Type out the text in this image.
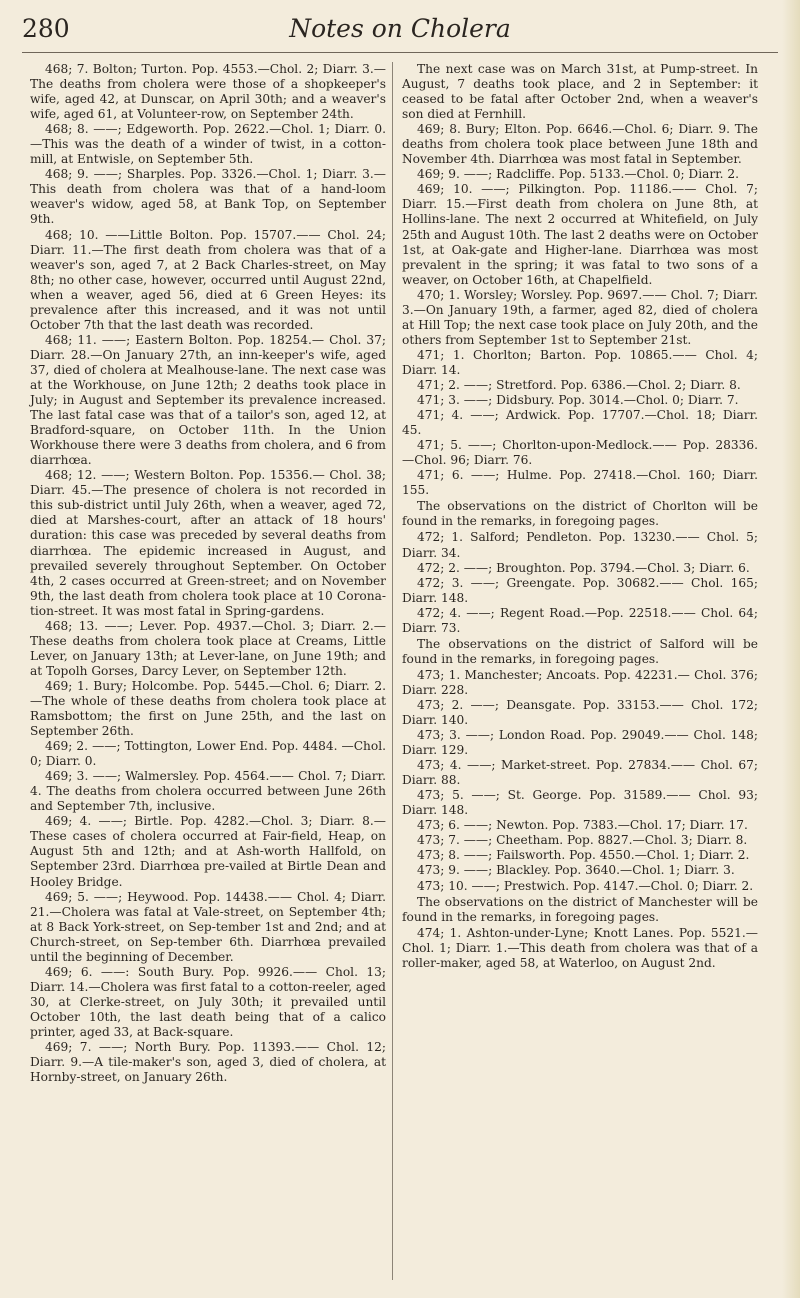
280	Notes on Cholera

468; 7. Bolton; Turton. Pop. 4553.—Chol. 2; Diarr. 3.—The deaths from cholera were those of a shopkeeper's wife, aged 42, at Dunscar, on April 30th; and a weaver's wife, aged 61, at Volunteer-row, on September 24th.

468; 8. ——; Edgeworth. Pop. 2622.—Chol. 1; Diarr. 0.—This was the death of a winder of twist, in a cotton-mill, at Entwisle, on September 5th.

468; 9. ——; Sharples. Pop. 3326.—Chol. 1; Diarr. 3.—This death from cholera was that of a hand-loom weaver's widow, aged 58, at Bank Top, on September 9th.

468; 10. ——Little Bolton. Pop. 15707.—— Chol. 24; Diarr. 11.—The first death from cholera was that of a weaver's son, aged 7, at 2 Back Charles-street, on May 8th; no other case, however, occurred until August 22nd, when a weaver, aged 56, died at 6 Green Heyes: its prevalence after this increased, and it was not until October 7th that the last death was recorded.

468; 11. ——; Eastern Bolton. Pop. 18254.— Chol. 37; Diarr. 28.—On January 27th, an inn-keeper's wife, aged 37, died of cholera at Mealhouse-lane. The next case was at the Workhouse, on June 12th; 2 deaths took place in July; in August and September its prevalence increased. The last fatal case was that of a tailor's son, aged 12, at Bradford-square, on October 11th. In the Union Workhouse there were 3 deaths from cholera, and 6 from diarrhœa.

468; 12. ——; Western Bolton. Pop. 15356.— Chol. 38; Diarr. 45.—The presence of cholera is not recorded in this sub-district until July 26th, when a weaver, aged 72, died at Marshes-court, after an attack of 18 hours' duration: this case was preceded by several deaths from diarrhœa. The epidemic increased in August, and prevailed severely throughout September. On October 4th, 2 cases occurred at Green-street; and on November 9th, the last death from cholera took place at 10 Corona-tion-street. It was most fatal in Spring-gardens.

468; 13. ——; Lever. Pop. 4937.—Chol. 3; Diarr. 2.—These deaths from cholera took place at Creams, Little Lever, on January 13th; at Lever-lane, on June 19th; and at Topolh Gorses, Darcy Lever, on September 12th.

469; 1. Bury; Holcombe. Pop. 5445.—Chol. 6; Diarr. 2.—The whole of these deaths from cholera took place at Ramsbottom; the first on June 25th, and the last on September 26th.

469; 2. ——; Tottington, Lower End. Pop. 4484. —Chol. 0; Diarr. 0.

469; 3. ——; Walmersley. Pop. 4564.—— Chol. 7; Diarr. 4. The deaths from cholera occurred between June 26th and September 7th, inclusive.

469; 4. ——; Birtle. Pop. 4282.—Chol. 3; Diarr. 8.—These cases of cholera occurred at Fair-field, Heap, on August 5th and 12th; and at Ash-worth Hallfold, on September 23rd. Diarrhœa pre-vailed at Birtle Dean and Hooley Bridge.

469; 5. ——; Heywood. Pop. 14438.—— Chol. 4; Diarr. 21.—Cholera was fatal at Vale-street, on September 4th; at 8 Back York-street, on Sep-tember 1st and 2nd; and at Church-street, on Sep-tember 6th. Diarrhœa prevailed until the beginning of December.

469; 6. ——: South Bury. Pop. 9926.—— Chol. 13; Diarr. 14.—Cholera was first fatal to a cotton-reeler, aged 30, at Clerke-street, on July 30th; it prevailed until October 10th, the last death being that of a calico printer, aged 33, at Back-square.

469; 7. ——; North Bury. Pop. 11393.—— Chol. 12; Diarr. 9.—A tile-maker's son, aged 3, died of cholera, at Hornby-street, on January 26th.

The next case was on March 31st, at Pump-street. In August, 7 deaths took place, and 2 in September: it ceased to be fatal after October 2nd, when a weaver's son died at Fernhill.

469; 8. Bury; Elton. Pop. 6646.—Chol. 6; Diarr. 9. The deaths from cholera took place between June 18th and November 4th. Diarrhœa was most fatal in September.

469; 9. ——; Radcliffe. Pop. 5133.—Chol. 0; Diarr. 2.

469; 10. ——; Pilkington. Pop. 11186.—— Chol. 7; Diarr. 15.—First death from cholera on June 8th, at Hollins-lane. The next 2 occurred at Whitefield, on July 25th and August 10th. The last 2 deaths were on October 1st, at Oak-gate and Higher-lane. Diarrhœa was most prevalent in the spring; it was fatal to two sons of a weaver, on October 16th, at Chapelfield.

470; 1. Worsley; Worsley. Pop. 9697.—— Chol. 7; Diarr. 3.—On January 19th, a farmer, aged 82, died of cholera at Hill Top; the next case took place on July 20th, and the others from September 1st to September 21st.

471; 1. Chorlton; Barton. Pop. 10865.—— Chol. 4; Diarr. 14.

471; 2. ——; Stretford. Pop. 6386.—Chol. 2; Diarr. 8.

471; 3. ——; Didsbury. Pop. 3014.—Chol. 0; Diarr. 7.

471; 4. ——; Ardwick. Pop. 17707.—Chol. 18; Diarr. 45.

471; 5. ——; Chorlton-upon-Medlock.—— Pop. 28336.—Chol. 96; Diarr. 76.

471; 6. ——; Hulme. Pop. 27418.—Chol. 160; Diarr. 155.

The observations on the district of Chorlton will be found in the remarks, in foregoing pages.

472; 1. Salford; Pendleton. Pop. 13230.—— Chol. 5; Diarr. 34.

472; 2. ——; Broughton. Pop. 3794.—Chol. 3; Diarr. 6.

472; 3. ——; Greengate. Pop. 30682.—— Chol. 165; Diarr. 148.

472; 4. ——; Regent Road.—Pop. 22518.—— Chol. 64; Diarr. 73.

The observations on the district of Salford will be found in the remarks, in foregoing pages.

473; 1. Manchester; Ancoats. Pop. 42231.— Chol. 376; Diarr. 228.

473; 2. ——; Deansgate. Pop. 33153.—— Chol. 172; Diarr. 140.

473; 3. ——; London Road. Pop. 29049.—— Chol. 148; Diarr. 129.

473; 4. ——; Market-street. Pop. 27834.—— Chol. 67; Diarr. 88.

473; 5. ——; St. George. Pop. 31589.—— Chol. 93; Diarr. 148.

473; 6. ——; Newton. Pop. 7383.—Chol. 17; Diarr. 17.

473; 7. ——; Cheetham. Pop. 8827.—Chol. 3; Diarr. 8.

473; 8. ——; Failsworth. Pop. 4550.—Chol. 1; Diarr. 2.

473; 9. ——; Blackley. Pop. 3640.—Chol. 1; Diarr. 3.

473; 10. ——; Prestwich. Pop. 4147.—Chol. 0; Diarr. 2.

The observations on the district of Manchester will be found in the remarks, in foregoing pages.

474; 1. Ashton-under-Lyne; Knott Lanes. Pop. 5521.—Chol. 1; Diarr. 1.—This death from cholera was that of a roller-maker, aged 58, at Waterloo, on August 2nd.
